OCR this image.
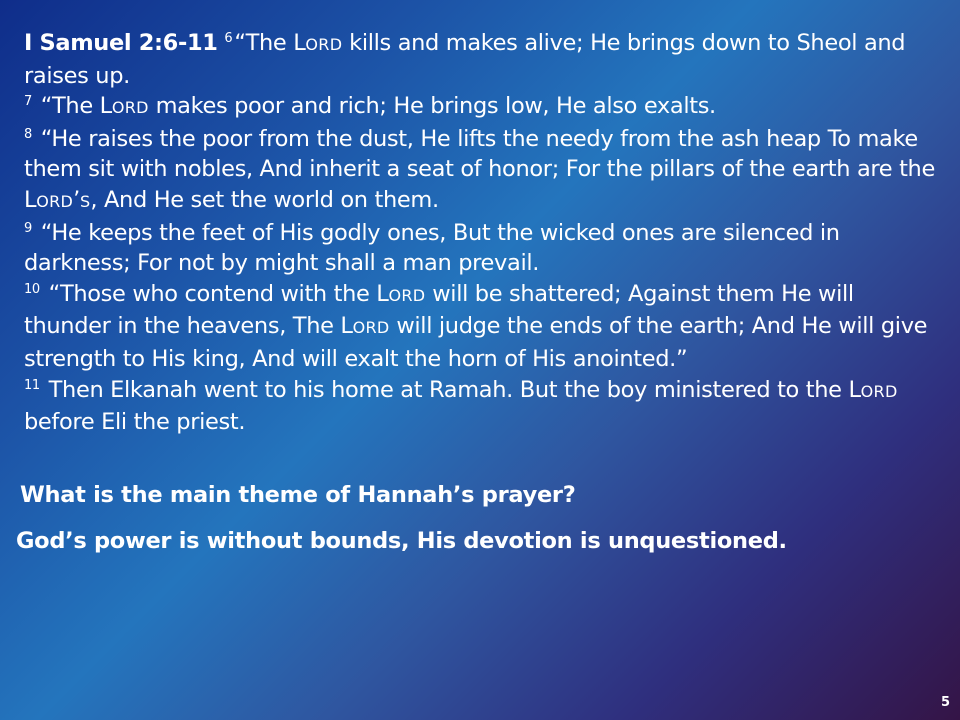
I Samuel 2:6-11 $^6$“The LORD kills and makes alive; He brings down to Sheol and raises up.

$^7$ “The LORD makes poor and rich; He brings low, He also exalts.

$^8$ “He raises the poor from the dust, He lifts the needy from the ash heap To make them sit with nobles, And inherit a seat of honor; For the pillars of the earth are the LORD’S, And He set the world on them.

$^9$ “He keeps the feet of His godly ones, But the wicked ones are silenced in darkness; For not by might shall a man prevail.

$^{10}$ “Those who contend with the LORD will be shattered; Against them He will thunder in the heavens, The LORD will judge the ends of the earth; And He will give strength to His king, And will exalt the horn of His anointed.”

$^{11}$ Then Elkanah went to his home at Ramah. But the boy ministered to the LORD before Eli the priest.

What is the main theme of Hannah’s prayer?
God’s power is without bounds, His devotion is unquestioned.
5
